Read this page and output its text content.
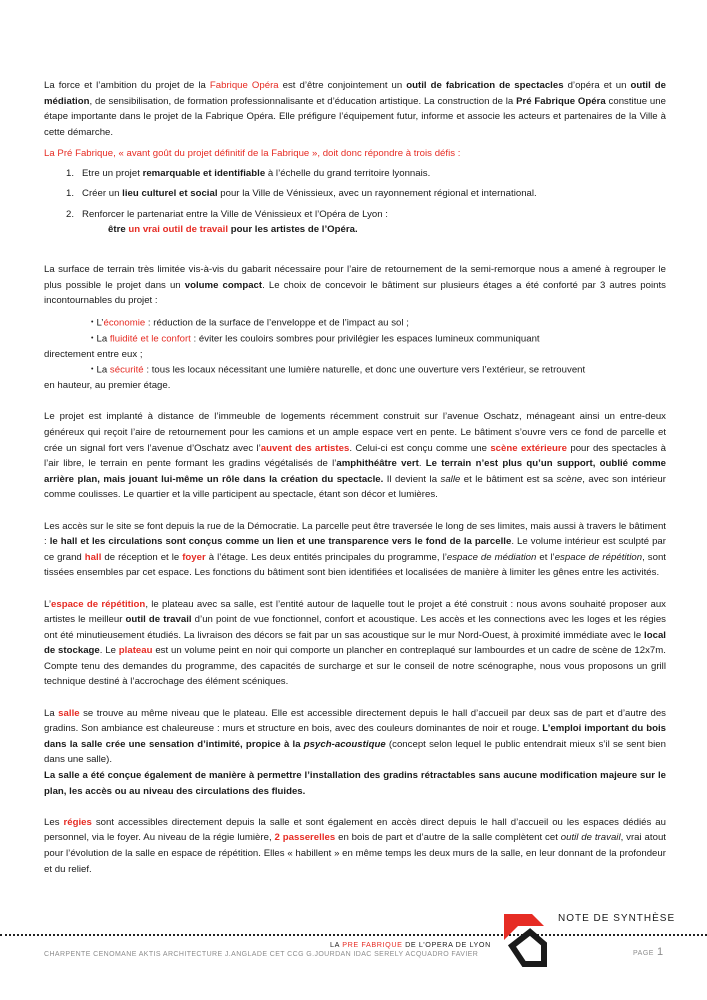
La force et l’ambition du projet de la Fabrique Opéra est d’être conjointement un outil de fabrication de spectacles d’opéra et un outil de médiation, de sensibilisation, de formation professionnalisante et d’éducation artistique. La construction de la Pré Fabrique Opéra constitue une étape importante dans le projet de la Fabrique Opéra. Elle préfigure l’équipement futur, informe et associe les acteurs et partenaires de la Ville à cette démarche.

La Pré Fabrique, « avant goût du projet définitif de la Fabrique », doit donc répondre à trois défis :

1. Etre un projet remarquable et identifiable à l’échelle du grand territoire lyonnais.
1. Créer un lieu culturel et social pour la Ville de Vénissieux, avec un rayonnement régional et international.
2. Renforcer le partenariat entre la Ville de Vénissieux et l’Opéra de Lyon :

être un vrai outil de travail pour les artistes de l’Opéra.

La surface de terrain très limitée vis-à-vis du gabarit nécessaire pour l’aire de retournement de la semi-remorque nous a amené à regrouper le plus possible le projet dans un volume compact. Le choix de concevoir le bâtiment sur plusieurs étages a été conforté par 3 autres points incontournables du projet :

• L’économie : réduction de la surface de l’enveloppe et de l’impact au sol ;

• La fluidité et le confort : éviter les couloirs sombres pour privilégier les espaces lumineux communiquant

directement entre eux ;

• La sécurité : tous les locaux nécessitant une lumière naturelle, et donc une ouverture vers l’extérieur, se retrouvent

en hauteur, au premier étage.

Le projet est implanté à distance de l’immeuble de logements récemment construit sur l’avenue Oschatz, ménageant ainsi un entre-deux généreux qui reçoit l’aire de retournement pour les camions et un ample espace vert en pente. Le bâtiment s’ouvre vers ce fond de parcelle et crée un signal fort vers l’avenue d’Oschatz avec l’auvent des artistes. Celui-ci est conçu comme une scène extérieure pour des spectacles à l’air libre, le terrain en pente formant les gradins végétalisés de l’amphithéâtre vert. Le terrain n’est plus qu’un support, oublié comme arrière plan, mais jouant lui-même un rôle dans la création du spectacle. Il devient la salle et le bâtiment est sa scène, avec son intérieur comme coulisses. Le quartier et la ville participent au spectacle, étant son décor et lumières.

Les accès sur le site se font depuis la rue de la Démocratie. La parcelle peut être traversée le long de ses limites, mais aussi à travers le bâtiment : le hall et les circulations sont conçus comme un lien et une transparence vers le fond de la parcelle. Le volume intérieur est sculpté par ce grand hall de réception et le foyer à l’étage. Les deux entités principales du programme, l’espace de médiation et l’espace de répétition, sont tissées ensembles par cet espace. Les fonctions du bâtiment sont bien identifiées et localisées de manière à limiter les gênes entre les activités.

L’espace de répétition, le plateau avec sa salle, est l’entité autour de laquelle tout le projet a été construit : nous avons souhaité proposer aux artistes le meilleur outil de travail d’un point de vue fonctionnel, confort et acoustique. Les accès et les connections avec les loges et les régies ont été minutieusement étudiés. La livraison des décors se fait par un sas acoustique sur le mur Nord-Ouest, à proximité immédiate avec le local de stockage. Le plateau est un volume peint en noir qui comporte un plancher en contreplaqué sur lambourdes et un cadre de scène de 12x7m. Compte tenu des demandes du programme, des capacités de surcharge et sur le conseil de notre scénographe, nous vous proposons un grill technique destiné à l’accrochage des élément scéniques.

La salle se trouve au même niveau que le plateau. Elle est accessible directement depuis le hall d’accueil par deux sas de part et d’autre des gradins. Son ambiance est chaleureuse : murs et structure en bois, avec des couleurs dominantes de noir et rouge. L’emploi important du bois dans la salle crée une sensation d’intimité, propice à la psych-acoustique (concept selon lequel le public entendrait mieux s’il se sent bien dans une salle).

La salle a été conçue également de manière à permettre l’installation des gradins rétractables sans aucune modification majeure sur le plan, les accès ou au niveau des circulations des fluides.

Les régies sont accessibles directement depuis la salle et sont également en accès direct depuis le hall d’accueil ou les espaces dédiés au personnel, via le foyer. Au niveau de la régie lumière, 2 passerelles en bois de part et d’autre de la salle complètent cet outil de travail, vrai atout pour l’évolution de la salle en espace de répétition. Elles « habillent » en même temps les deux murs de la salle, en leur donnant de la profondeur et du relief.

NOTE DE SYNTHÈSE
LA PRE FABRIQUE DE L’OPERA DE LYON
CHARPENTE CENOMANE AKTIS ARCHITECTURE J.ANGLADE CET CCG G.JOURDAN IDAC SERELY ACQUADRO FAVIER	PAGE 1
